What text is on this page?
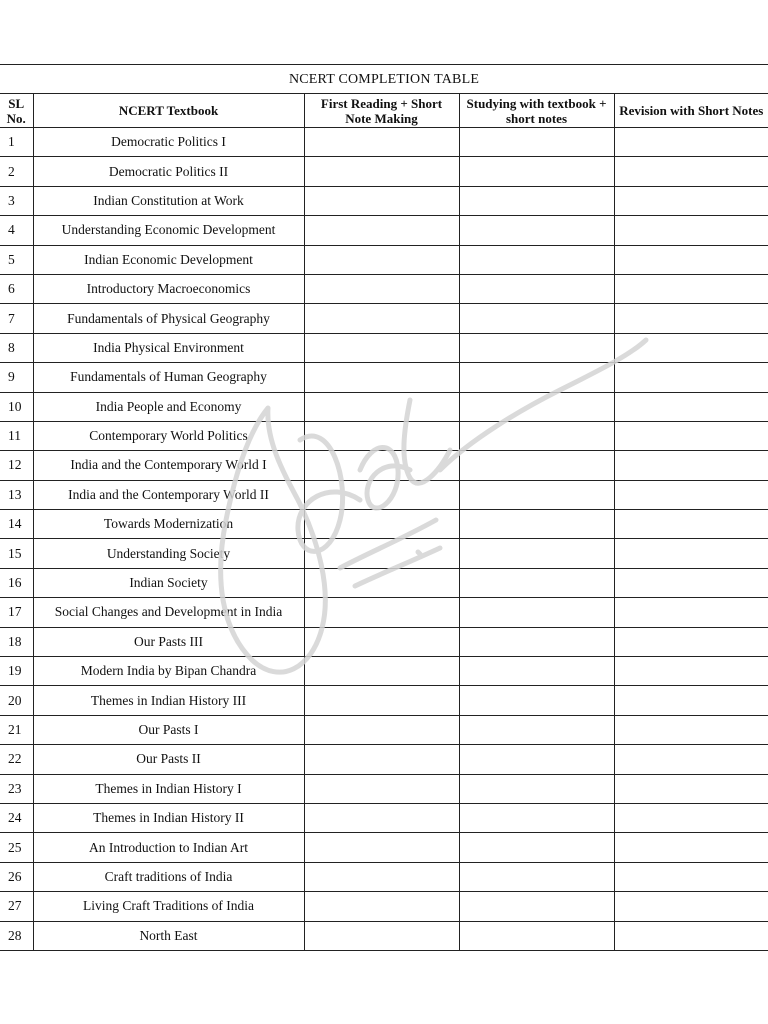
NCERT COMPLETION TABLE				
SL No.	NCERT Textbook	First Reading + Short Note Making	Studying with textbook + short notes	Revision with Short Notes
1	Democratic Politics I			
2	Democratic Politics II			
3	Indian Constitution at Work			
4	Understanding Economic Development			
5	Indian Economic Development			
6	Introductory Macroeconomics			
7	Fundamentals of Physical Geography			
8	India Physical Environment			
9	Fundamentals of Human Geography			
10	India People and Economy			
11	Contemporary World Politics			
12	India and the Contemporary World I			
13	India and the Contemporary World II			
14	Towards Modernization			
15	Understanding Society			
16	Indian Society			
17	Social Changes and Development in India			
18	Our Pasts III			
19	Modern India by Bipan Chandra			
20	Themes in Indian History III			
21	Our Pasts I			
22	Our Pasts II			
23	Themes in Indian History I			
24	Themes in Indian History II			
25	An Introduction to Indian Art			
26	Craft traditions of India			
27	Living Craft Traditions of India			
28	North East			
